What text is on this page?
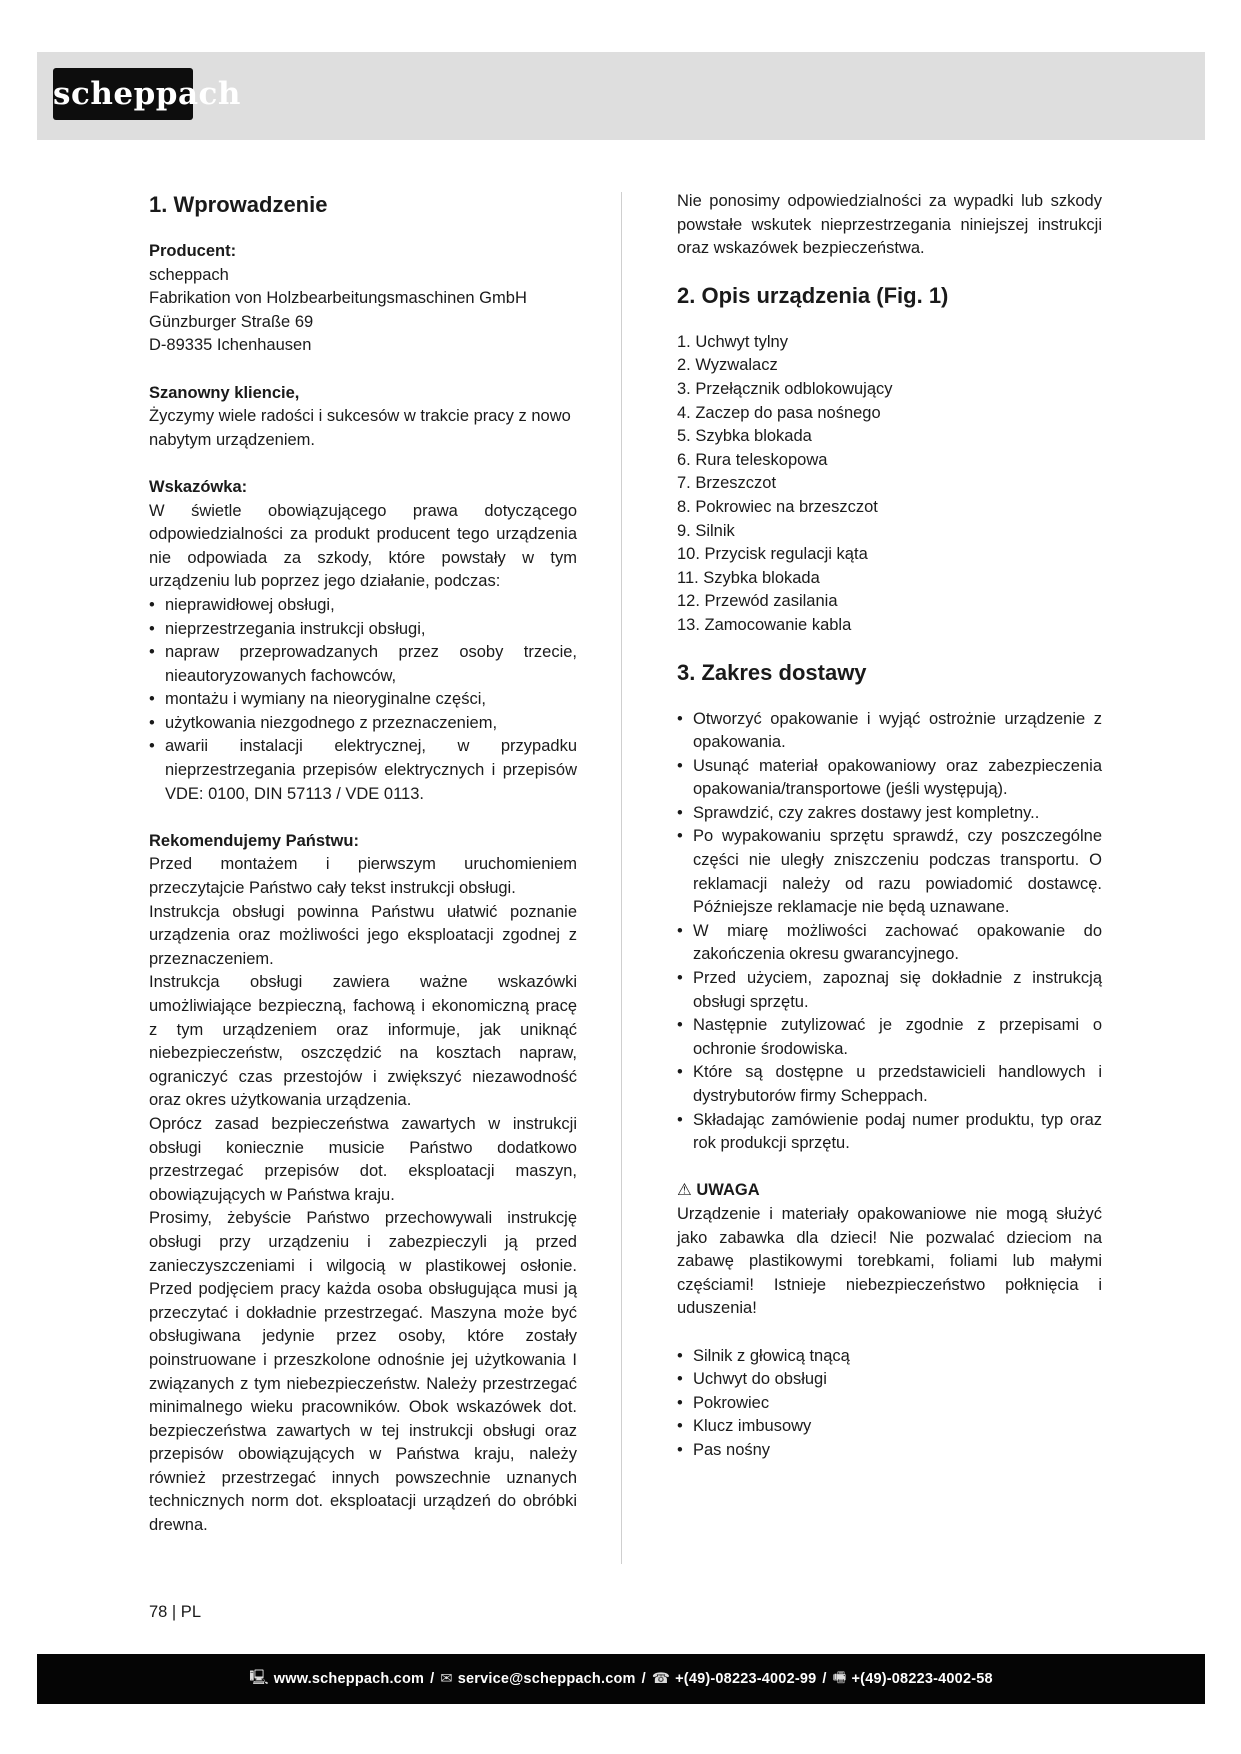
scheppach
1. Wprowadzenie

Producent:

scheppach

Fabrikation von Holzbearbeitungsmaschinen GmbH

Günzburger Straße 69

D-89335 Ichenhausen

Szanowny kliencie,

Życzymy wiele radości i sukcesów w trakcie pracy z nowo nabytym urządzeniem.

Wskazówka:

W świetle obowiązującego prawa dotyczącego odpowiedzialności za produkt producent tego urządzenia nie odpowiada za szkody, które powstały w tym urządzeniu lub poprzez jego działanie, podczas:

• nieprawidłowej obsługi,
• nieprzestrzegania instrukcji obsługi,
• napraw przeprowadzanych przez osoby trzecie, nieautoryzowanych fachowców,
• montażu i wymiany na nieoryginalne części,
• użytkowania niezgodnego z przeznaczeniem,
• awarii instalacji elektrycznej, w przypadku nieprzestrzegania przepisów elektrycznych i przepisów VDE: 0100, DIN 57113 / VDE 0113.

Rekomendujemy Państwu:

Przed montażem i pierwszym uruchomieniem przeczytajcie Państwo cały tekst instrukcji obsługi.

Instrukcja obsługi powinna Państwu ułatwić poznanie urządzenia oraz możliwości jego eksploatacji zgodnej z przeznaczeniem.

Instrukcja obsługi zawiera ważne wskazówki umożliwiające bezpieczną, fachową i ekonomiczną pracę z tym urządzeniem oraz informuje, jak uniknąć niebezpieczeństw, oszczędzić na kosztach napraw, ograniczyć czas przestojów i zwiększyć niezawodność oraz okres użytkowania urządzenia.

Oprócz zasad bezpieczeństwa zawartych w instrukcji obsługi koniecznie musicie Państwo dodatkowo przestrzegać przepisów dot. eksploatacji maszyn, obowiązujących w Państwa kraju.

Prosimy, żebyście Państwo przechowywali instrukcję obsługi przy urządzeniu i zabezpieczyli ją przed zanieczyszczeniami i wilgocią w plastikowej osłonie. Przed podjęciem pracy każda osoba obsługująca musi ją przeczytać i dokładnie przestrzegać. Maszyna może być obsługiwana jedynie przez osoby, które zostały poinstruowane i przeszkolone odnośnie jej użytkowania I związanych z tym niebezpieczeństw. Należy przestrzegać minimalnego wieku pracowników. Obok wskazówek dot. bezpieczeństwa zawartych w tej instrukcji obsługi oraz przepisów obowiązujących w Państwa kraju, należy również przestrzegać innych powszechnie uznanych technicznych norm dot. eksploatacji urządzeń do obróbki drewna.

Nie ponosimy odpowiedzialności za wypadki lub szkody powstałe wskutek nieprzestrzegania niniejszej instrukcji oraz wskazówek bezpieczeństwa.

2. Opis urządzenia (Fig. 1)
1. Uchwyt tylny
2. Wyzwalacz
3. Przełącznik odblokowujący
4. Zaczep do pasa nośnego
5. Szybka blokada
6. Rura teleskopowa
7. Brzeszczot
8. Pokrowiec na brzeszczot
9. Silnik
10. Przycisk regulacji kąta
11. Szybka blokada
12. Przewód zasilania
13. Zamocowanie kabla
3. Zakres dostawy
• Otworzyć opakowanie i wyjąć ostrożnie urządzenie z opakowania.
• Usunąć materiał opakowaniowy oraz zabezpieczenia opakowania/transportowe (jeśli występują).
• Sprawdzić, czy zakres dostawy jest kompletny..
• Po wypakowaniu sprzętu sprawdź, czy poszczególne części nie uległy zniszczeniu podczas transportu. O reklamacji należy od razu powiadomić dostawcę. Późniejsze reklamacje nie będą uznawane.
• W miarę możliwości zachować opakowanie do zakończenia okresu gwarancyjnego.
• Przed użyciem, zapoznaj się dokładnie z instrukcją obsługi sprzętu.
• Następnie zutylizować je zgodnie z przepisami o ochronie środowiska.
• Które są dostępne u przedstawicieli handlowych i dystrybutorów firmy Scheppach.
• Składając zamówienie podaj numer produktu, typ oraz rok produkcji sprzętu.

⚠ UWAGA

Urządzenie i materiały opakowaniowe nie mogą służyć jako zabawka dla dzieci! Nie pozwalać dzieciom na zabawę plastikowymi torebkami, foliami lub małymi częściami! Istnieje niebezpieczeństwo połknięcia i uduszenia!

• Silnik z głowicą tnącą
• Uchwyt do obsługi
• Pokrowiec
• Klucz imbusowy
• Pas nośny
78 | PL
🖳 www.scheppach.com / ✉ service@scheppach.com / ☎ +(49)-08223-4002-99 / 🖷 +(49)-08223-4002-58
